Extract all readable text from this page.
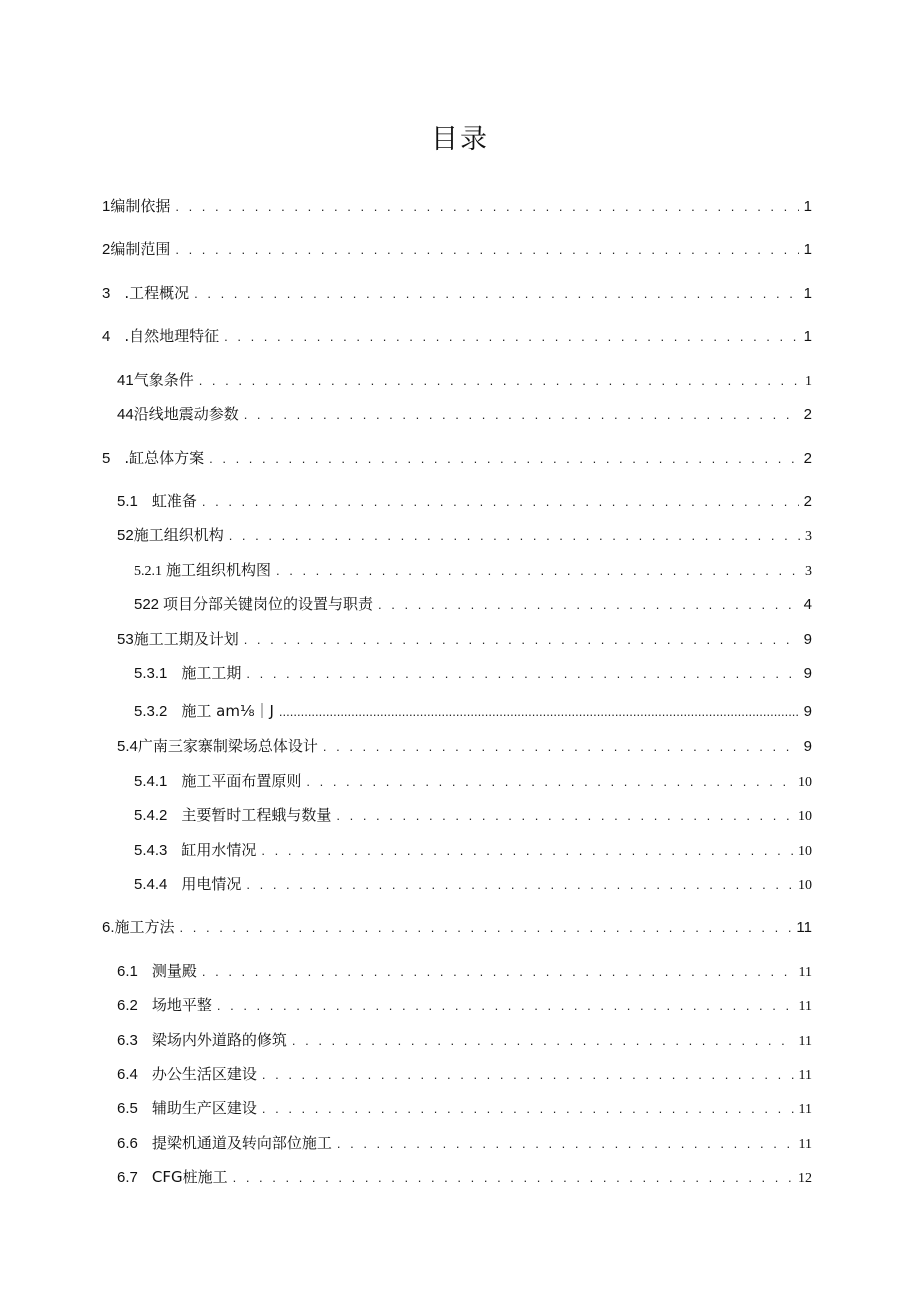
目录
1 编制依据 . . .	1
2 编制范围 . . .	1
3 .工程概况 . . .	1
4 .自然地理特征 . . .	1
41 气象条件 . . .	1
44 沿线地震动参数 . . .	2
5 .缸总体方案 . . .	2
5.1 虹准备 . . .	2
52 施工组织机构 . . .	3
5.2.1 施工组织机构图 . . .	3
522 项目分部关键岗位的设置与职责 . . .	4
53 施工工期及计划 . . .	9
5.3.1 施工工期 . . .	9
5.3.2 施工 am⅛｜J .....	9
5.4 广南三家寨制梁场总体设计 . . .	9
5.4.1 施工平面布置原则 . . .	10
5.4.2 主要暂时工程蛾与数量 . . .	10
5.4.3 缸用水情况 . . .	10
5.4.4 用电情况 . . .	10
6. 施工方法 . . .	11
6.1 测量殿 . . .	11
6.2 场地平整 . . .	11
6.3 梁场内外道路的修筑 . . .	11
6.4 办公生活区建设 . . .	11
6.5 辅助生产区建设 . . .	11
6.6 提梁机通道及转向部位施工 . . .	11
6.7 CFG桩施工 . . .	12
